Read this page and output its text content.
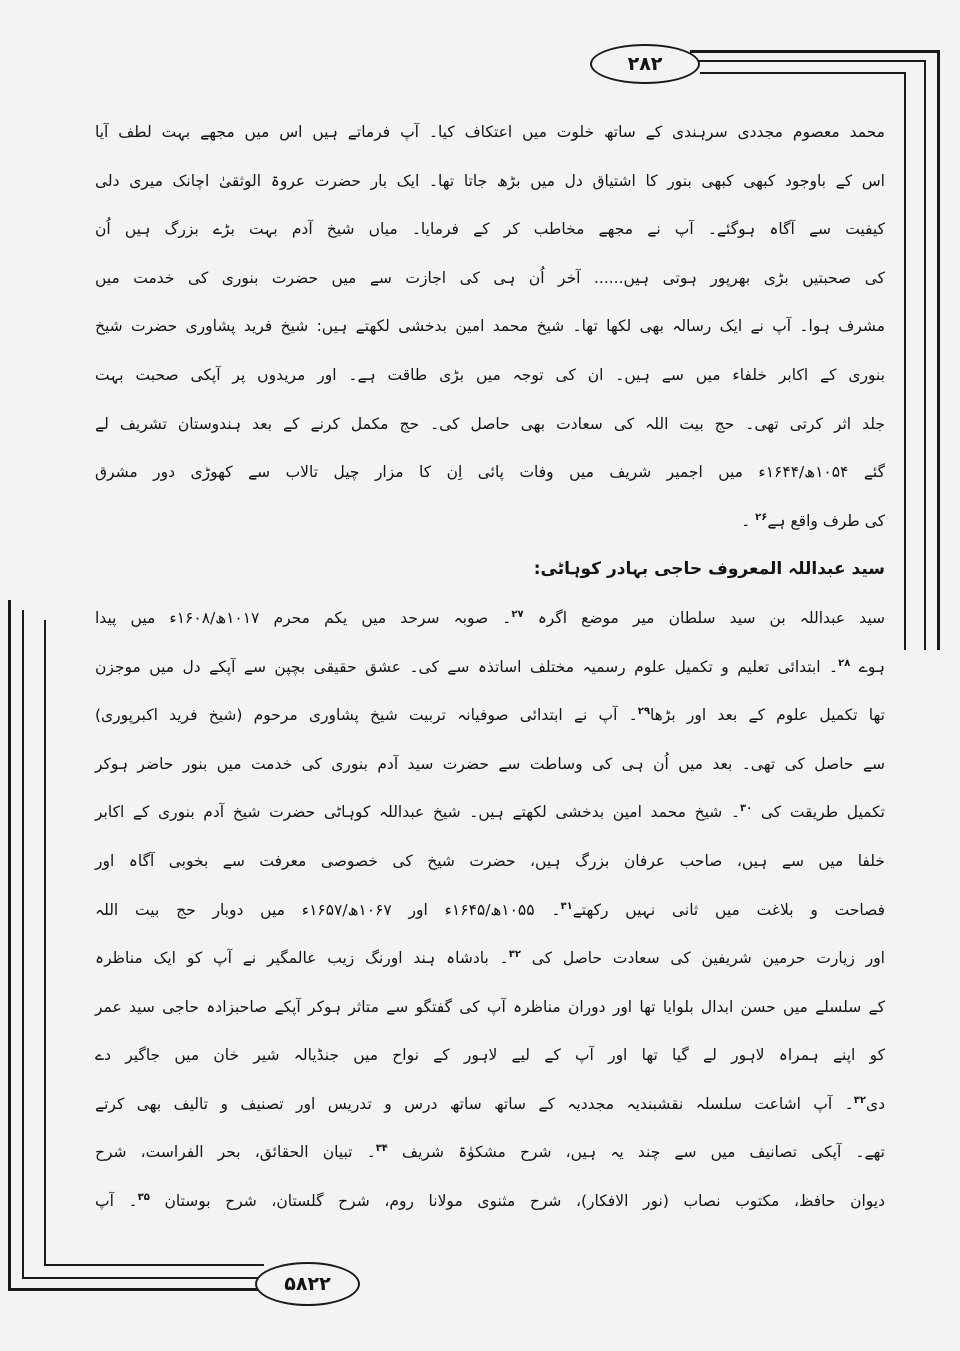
۲۸۲
۵۸۲۲
محمد معصوم مجددی سرہندی کے ساتھ خلوت میں اعتکاف کیا۔ آپ فرماتے ہیں اس میں مجھے بہت لطف آیا
اس کے باوجود کبھی کبھی بنور کا اشتیاق دل میں بڑھ جاتا تھا۔ ایک بار حضرت عروۃ الوثقیٰ اچانک میری دلی
کیفیت سے آگاہ ہوگئے۔ آپ نے مجھے مخاطب کر کے فرمایا۔ میاں شیخ آدم بہت بڑے بزرگ ہیں اُن
کی صحبتیں بڑی بھرپور ہوتی ہیں...... آخر اُن ہی کی اجازت سے میں حضرت بنوری کی خدمت میں
مشرف ہوا۔ آپ نے ایک رسالہ بھی لکھا تھا۔ شیخ محمد امین بدخشی لکھتے ہیں: شیخ فرید پشاوری حضرت شیخ
بنوری کے اکابر خلفاء میں سے ہیں۔ ان کی توجہ میں بڑی طاقت ہے۔ اور مریدوں پر آپکی صحبت بہت
جلد اثر کرتی تھی۔ حج بیت اللہ کی سعادت بھی حاصل کی۔ حج مکمل کرنے کے بعد ہندوستان تشریف لے
گئے ۱۰۵۴ھ/۱۶۴۴ء میں اجمیر شریف میں وفات پائی اِن کا مزار چیل تالاب سے کھوڑی دور مشرق
کی طرف واقع ہے$^{۲۶}$ ۔
سید عبداللہ المعروف حاجی بہادر کوہاٹی:
سید عبداللہ بن سید سلطان میر موضع اگرہ $^{۲۷}$۔ صوبہ سرحد میں یکم محرم ۱۰۱۷ھ/۱۶۰۸ء میں پیدا
ہوے $^{۲۸}$۔ ابتدائی تعلیم و تکمیل علوم رسمیہ مختلف اساتذہ سے کی۔ عشق حقیقی بچپن سے آپکے دل میں موجزن
تھا تکمیل علوم کے بعد اور بڑھا$^{۲۹}$۔ آپ نے ابتدائی صوفیانہ تربیت شیخ پشاوری مرحوم (شیخ فرید اکبرپوری)
سے حاصل کی تھی۔ بعد میں اُن ہی کی وساطت سے حضرت سید آدم بنوری کی خدمت میں بنور حاضر ہوکر
تکمیل طریقت کی $^{۳۰}$۔ شیخ محمد امین بدخشی لکھتے ہیں۔ شیخ عبداللہ کوہاٹی حضرت شیخ آدم بنوری کے اکابر
خلفا میں سے ہیں، صاحب عرفان بزرگ ہیں، حضرت شیخ کی خصوصی معرفت سے بخوبی آگاہ اور
فصاحت و بلاغت میں ثانی نہیں رکھتے$^{۳۱}$۔ ۱۰۵۵ھ/۱۶۴۵ء اور ۱۰۶۷ھ/۱۶۵۷ء میں دوبار حج بیت اللہ
اور زیارت حرمین شریفین کی سعادت حاصل کی $^{۳۲}$۔ بادشاہ ہند اورنگ زیب عالمگیر نے آپ کو ایک مناظرہ
کے سلسلے میں حسن ابدال بلوایا تھا اور دوران مناظرہ آپ کی گفتگو سے متاثر ہوکر آپکے صاحبزادہ حاجی سید عمر
کو اپنے ہمراہ لاہور لے گیا تھا اور آپ کے لیے لاہور کے نواح میں جنڈیالہ شیر خان میں جاگیر دے
دی$^{۳۲}$۔ آپ اشاعت سلسلہ نقشبندیہ مجددیہ کے ساتھ ساتھ درس و تدریس اور تصنیف و تالیف بھی کرتے
تھے۔ آپکی تصانیف میں سے چند یہ ہیں، شرح مشکوٰۃ شریف $^{۳۴}$۔ تبیان الحقائق، بحر الفراست، شرح
دیوان حافظ، مکتوب نصاب (نور الافکار)، شرح مثنوی مولانا روم، شرح گلستان، شرح بوستان $^{۳۵}$۔ آپ
